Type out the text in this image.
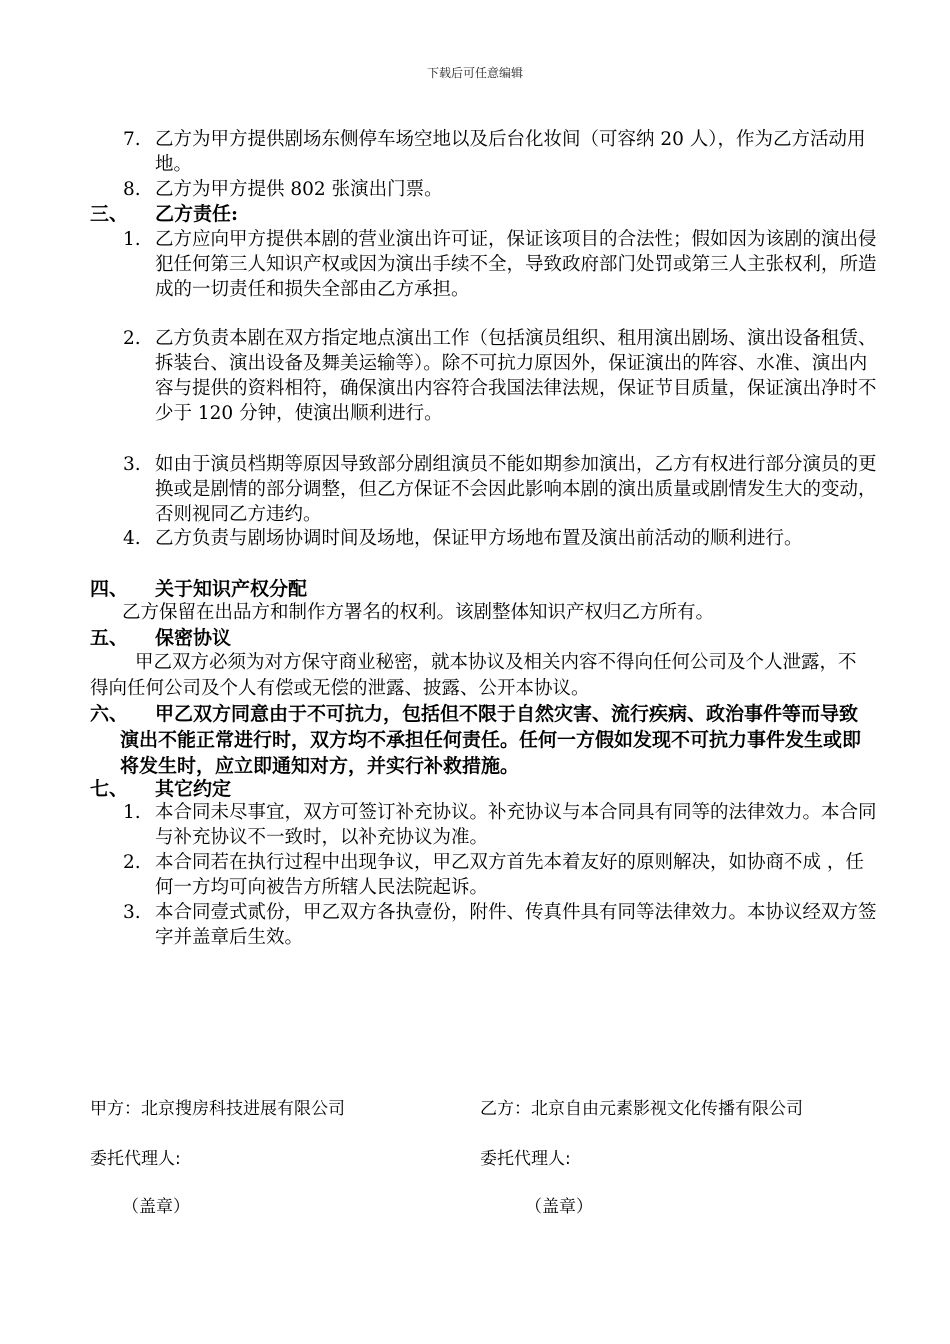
下载后可任意编辑
7. 乙方为甲方提供剧场东侧停车场空地以及后台化妆间（可容纳 20 人），作为乙方活动用地。
8. 乙方为甲方提供 802 张演出门票。
三、 乙方责任:
1. 乙方应向甲方提供本剧的营业演出许可证，保证该项目的合法性；假如因为该剧的演出侵犯任何第三人知识产权或因为演出手续不全，导致政府部门处罚或第三人主张权利，所造成的一切责任和损失全部由乙方承担。
2. 乙方负责本剧在双方指定地点演出工作（包括演员组织、租用演出剧场、演出设备租赁、拆装台、演出设备及舞美运输等）。除不可抗力原因外，保证演出的阵容、水准、演出内容与提供的资料相符，确保演出内容符合我国法律法规，保证节目质量，保证演出净时不少于 120 分钟，使演出顺利进行。
3. 如由于演员档期等原因导致部分剧组演员不能如期参加演出，乙方有权进行部分演员的更换或是剧情的部分调整，但乙方保证不会因此影响本剧的演出质量或剧情发生大的变动，否则视同乙方违约。
4. 乙方负责与剧场协调时间及场地，保证甲方场地布置及演出前活动的顺利进行。
四、 关于知识产权分配
乙方保留在出品方和制作方署名的权利。该剧整体知识产权归乙方所有。
五、 保密协议
甲乙双方必须为对方保守商业秘密，就本协议及相关内容不得向任何公司及个人泄露，不得向任何公司及个人有偿或无偿的泄露、披露、公开本协议。
六、	甲乙双方同意由于不可抗力，包括但不限于自然灾害、流行疾病、政治事件等而导致演出不能正常进行时，双方均不承担任何责任。任何一方假如发现不可抗力事件发生或即将发生时，应立即通知对方，并实行补救措施。
七、 其它约定
1. 本合同未尽事宜，双方可签订补充协议。补充协议与本合同具有同等的法律效力。本合同与补充协议不一致时，以补充协议为准。
2. 本合同若在执行过程中出现争议，甲乙双方首先本着友好的原则解决，如协商不成 ，任何一方均可向被告方所辖人民法院起诉。
3. 本合同壹式贰份，甲乙双方各执壹份，附件、传真件具有同等法律效力。本协议经双方签字并盖章后生效。
甲方：北京搜房科技进展有限公司	乙方：北京自由元素影视文化传播有限公司
委托代理人:	委托代理人:
（盖章）	（盖章）
